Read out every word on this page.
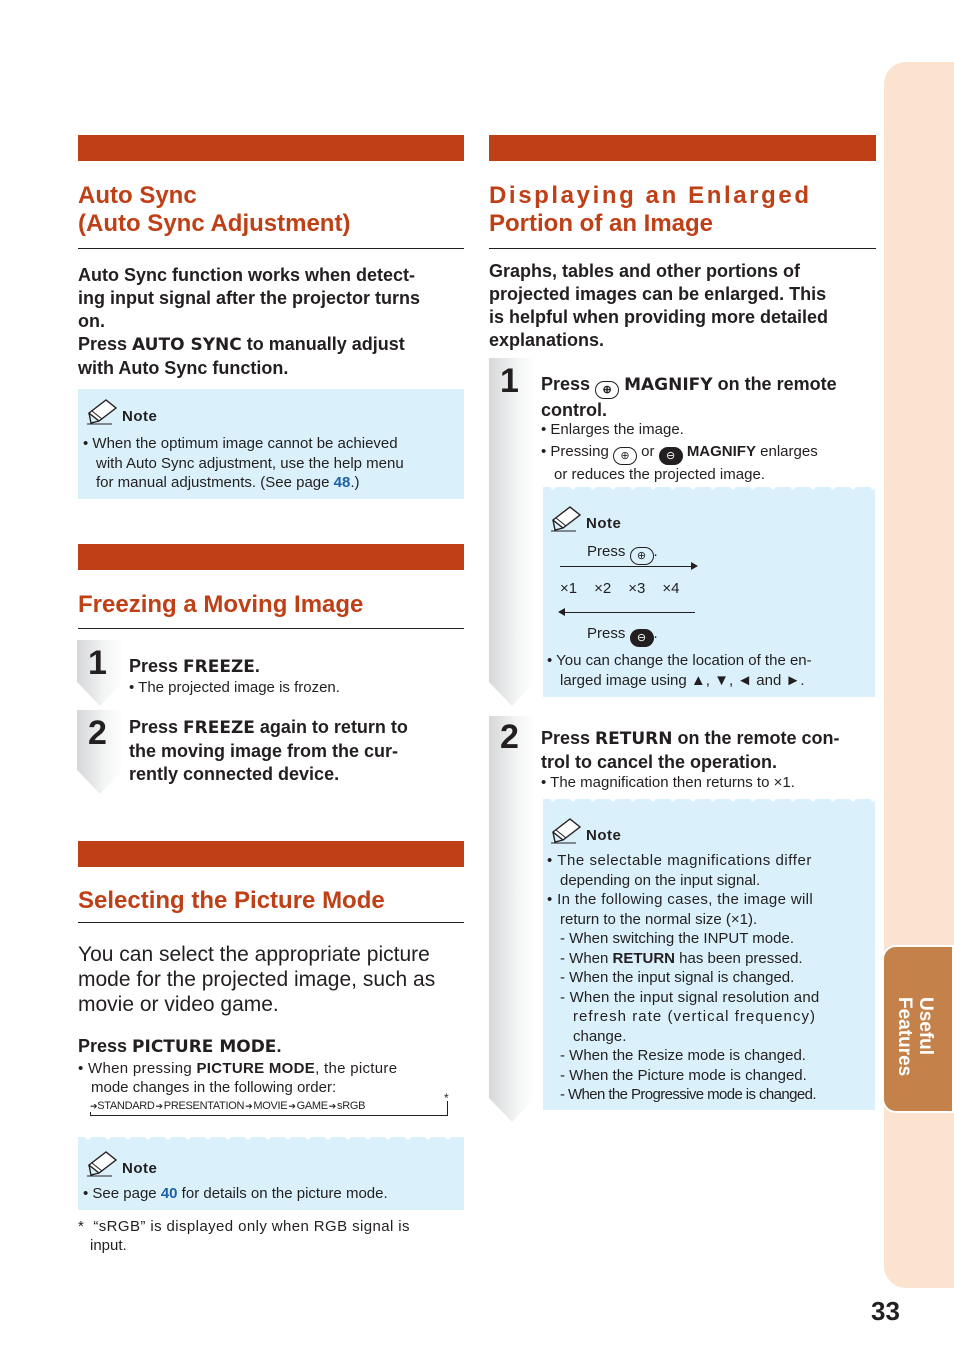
Useful
Features
33
Auto Sync
(Auto Sync Adjustment)
Auto Sync function works when detect-
ing input signal after the projector turns
on.
Press AUTO SYNC to manually adjust
with Auto Sync function.
Note
• When the optimum image cannot be achieved
with Auto Sync adjustment, use the help menu
for manual adjustments. (See page 48.)
Freezing a Moving Image
1 Press FREEZE.
• The projected image is frozen.
2 Press FREEZE again to return to
the moving image from the cur-
rently connected device.
Selecting the Picture Mode
You can select the appropriate picture
mode for the projected image, such as
movie or video game.
Press PICTURE MODE.
• When pressing PICTURE MODE, the picture
mode changes in the following order:
➔ STANDARD ➔ PRESENTATION ➔ MOVIE ➔ GAME ➔ sRGB
*
Note
• See page 40 for details on the picture mode.
* “sRGB” is displayed only when RGB signal is
input.
Displaying an Enlarged
Portion of an Image
Graphs, tables and other portions of
projected images can be enlarged. This
is helpful when providing more detailed
explanations.
1 Press ⊕ MAGNIFY on the remote
control.
• Enlarges the image.
• Pressing ⊕ or ⊖ MAGNIFY enlarges
or reduces the projected image.
Note
Press ⊕ .
×1 ×2 ×3 ×4
Press ⊖ .
• You can change the location of the en-
larged image using ▲, ▼, ◄ and ►.
2 Press RETURN on the remote con-
trol to cancel the operation.
• The magnification then returns to ×1.
Note
• The selectable magnifications differ
depending on the input signal.
• In the following cases, the image will
return to the normal size (×1).
- When switching the INPUT mode.
- When RETURN has been pressed.
- When the input signal is changed.
- When the input signal resolution and
refresh rate (vertical frequency)
change.
- When the Resize mode is changed.
- When the Picture mode is changed.
- When the Progressive mode is changed.
